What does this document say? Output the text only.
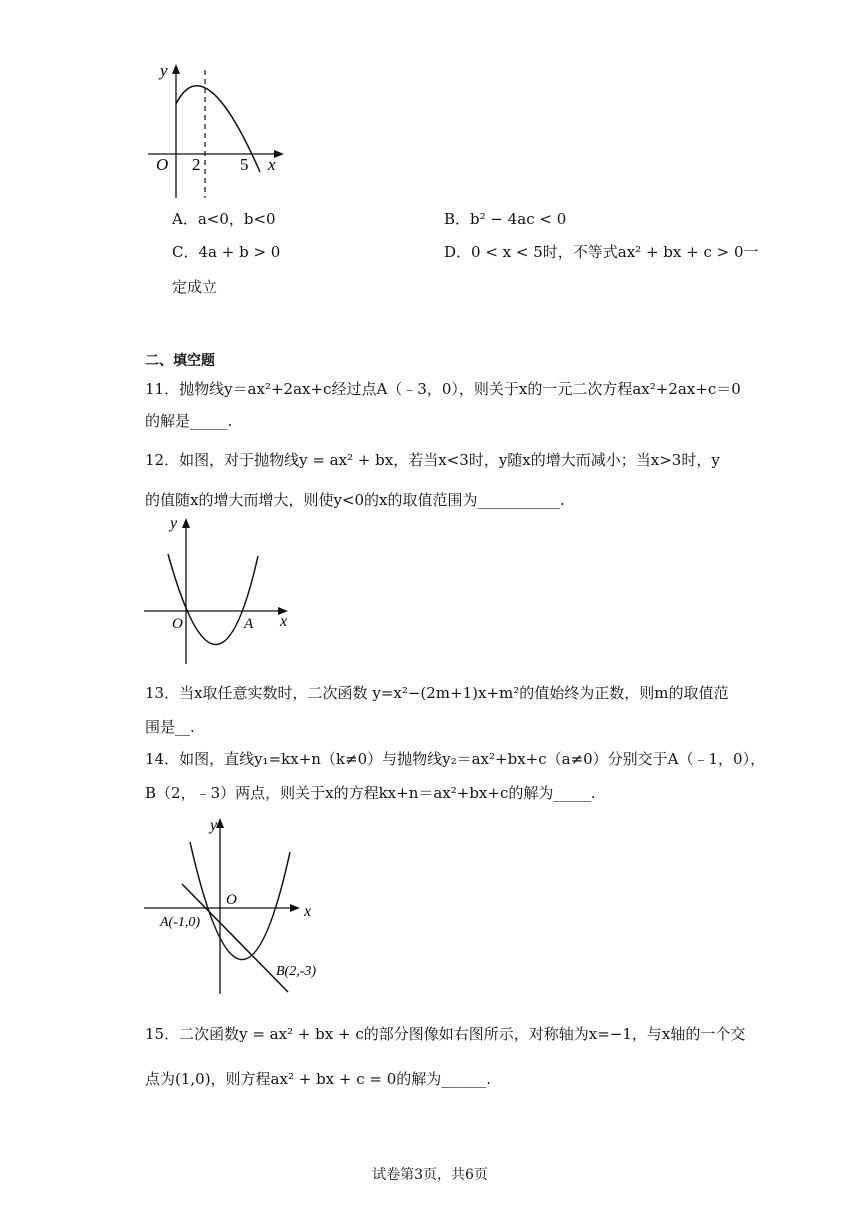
y
x
O 2 5
A．a<0，b<0	B．b² − 4ac < 0
C．4a + b > 0	D．0 < x < 5时，不等式ax² + bx + c > 0一
定成立
二、填空题
11．抛物线y＝ax²+2ax+c经过点A（﹣3，0），则关于x的一元二次方程ax²+2ax+c＝0
的解是_____.
12．如图，对于抛物线y = ax² + bx，若当x<3时，y随x的增大而减小；当x>3时，y
的值随x的增大而增大，则使y<0的x的取值范围为___________.
y
x
O	A
13．当x取任意实数时，二次函数 y=x²−(2m+1)x+m²的值始终为正数，则m的取值范
围是__.
14．如图，直线y₁=kx+n（k≠0）与抛物线y₂＝ax²+bx+c（a≠0）分别交于A（﹣1，0），
B（2，﹣3）两点，则关于x的方程kx+n＝ax²+bx+c的解为_____.
y
x
O
A(-1,0)
B(2,-3)
15．二次函数y = ax² + bx + c的部分图像如右图所示，对称轴为x=−1，与x轴的一个交
点为(1,0)，则方程ax² + bx + c = 0的解为______.
试卷第3页，共6页
